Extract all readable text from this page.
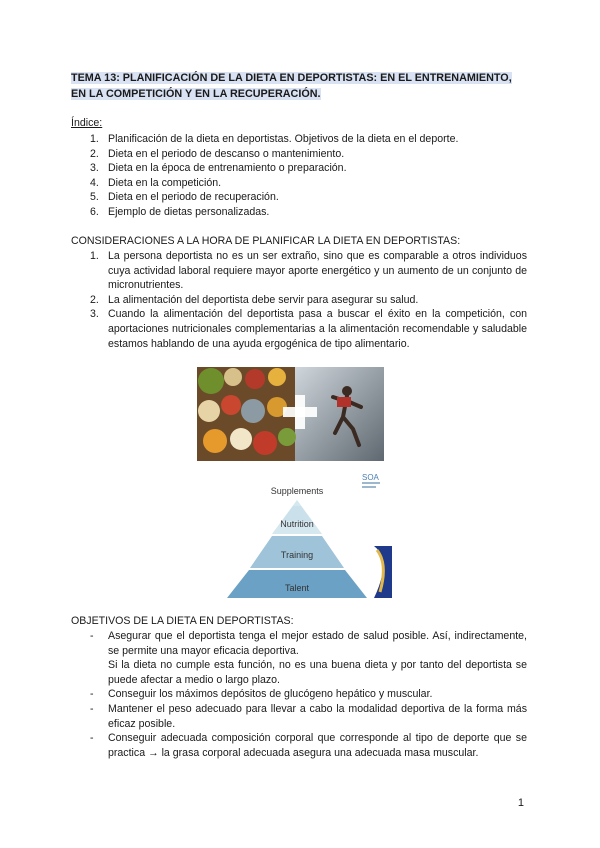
TEMA 13: PLANIFICACIÓN DE LA DIETA EN DEPORTISTAS: EN EL ENTRENAMIENTO,
EN LA COMPETICIÓN Y EN LA RECUPERACIÓN.
Índice:
1. Planificación de la dieta en deportistas. Objetivos de la dieta en el deporte.
2. Dieta en el periodo de descanso o mantenimiento.
3. Dieta en la época de entrenamiento o preparación.
4. Dieta en la competición.
5. Dieta en el periodo de recuperación.
6. Ejemplo de dietas personalizadas.
CONSIDERACIONES A LA HORA DE PLANIFICAR LA DIETA EN DEPORTISTAS:
1. La persona deportista no es un ser extraño, sino que es comparable a otros individuos cuya actividad laboral requiere mayor aporte energético y un aumento de un conjunto de micronutrientes.
2. La alimentación del deportista debe servir para asegurar su salud.
3. Cuando la alimentación del deportista pasa a buscar el éxito en la competición, con aportaciones nutricionales complementarias a la alimentación recomendable y saludable estamos hablando de una ayuda ergogénica de tipo alimentario.
Supplements
Nutrition
Training
Talent
SOA
OBJETIVOS DE LA DIETA EN DEPORTISTAS:
-	Asegurar que el deportista tenga el mejor estado de salud posible. Así, indirectamente, se permite una mayor eficacia deportiva.
Si la dieta no cumple esta función, no es una buena dieta y por tanto del deportista se puede afectar a medio o largo plazo.
-	Conseguir los máximos depósitos de glucógeno hepático y muscular.
-	Mantener el peso adecuado para llevar a cabo la modalidad deportiva de la forma más eficaz posible.
-	Conseguir adecuada composición corporal que corresponde al tipo de deporte que se practica → la grasa corporal adecuada asegura una adecuada masa muscular.
1
